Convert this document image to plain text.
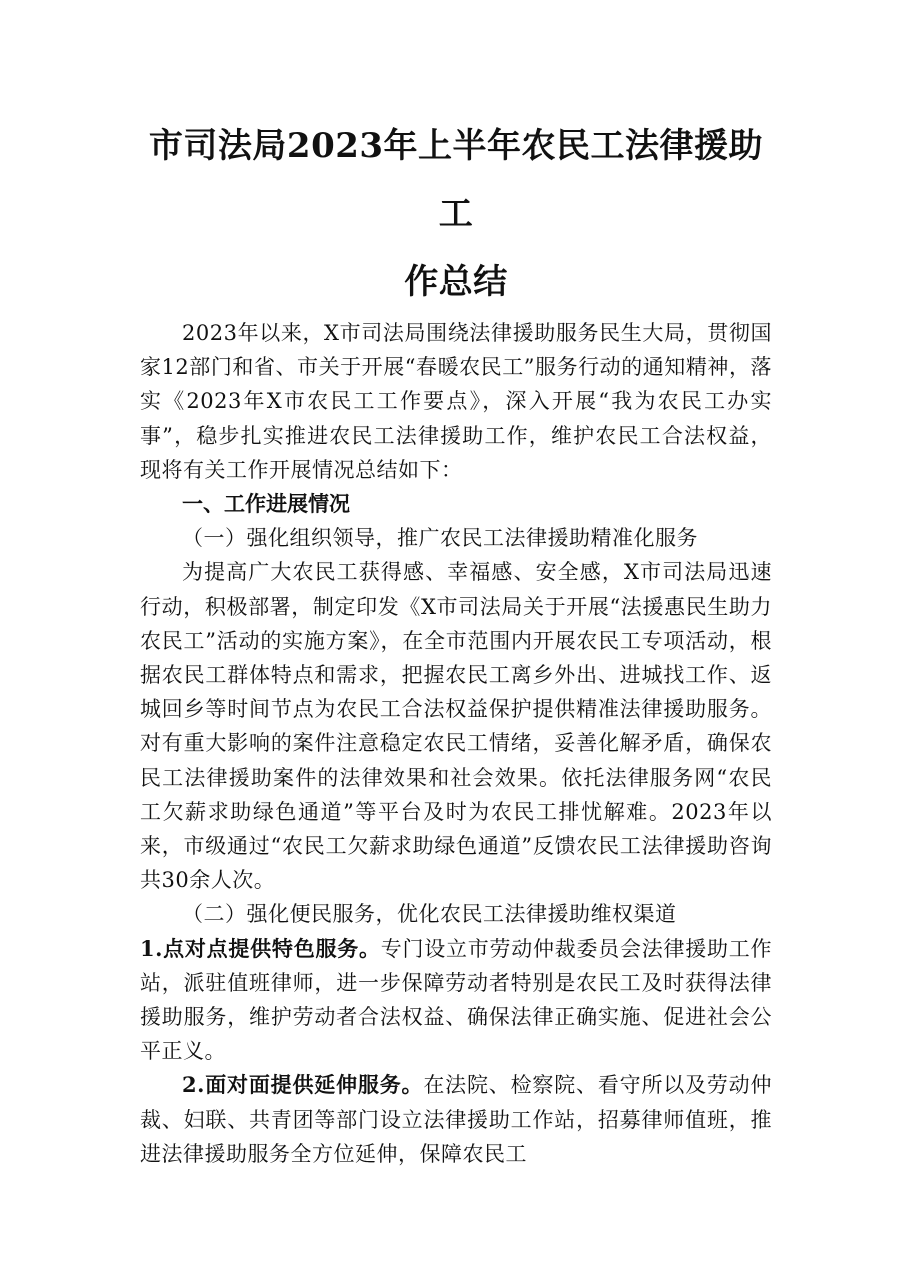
市司法局2023年上半年农民工法律援助工
作总结

2023年以来，X市司法局围绕法律援助服务民生大局，贯彻国家12部门和省、市关于开展“春暖农民工”服务行动的通知精神，落实《2023年X市农民工工作要点》，深入开展“我为农民工办实事”，稳步扎实推进农民工法律援助工作，维护农民工合法权益，现将有关工作开展情况总结如下：

一、工作进展情况

（一）强化组织领导，推广农民工法律援助精准化服务

为提高广大农民工获得感、幸福感、安全感，X市司法局迅速行动，积极部署，制定印发《X市司法局关于开展“法援惠民生助力农民工”活动的实施方案》，在全市范围内开展农民工专项活动，根据农民工群体特点和需求，把握农民工离乡外出、进城找工作、返城回乡等时间节点为农民工合法权益保护提供精准法律援助服务。对有重大影响的案件注意稳定农民工情绪，妥善化解矛盾，确保农民工法律援助案件的法律效果和社会效果。依托法律服务网“农民工欠薪求助绿色通道”等平台及时为农民工排忧解难。2023年以来，市级通过“农民工欠薪求助绿色通道”反馈农民工法律援助咨询共30余人次。

（二）强化便民服务，优化农民工法律援助维权渠道

1.点对点提供特色服务。专门设立市劳动仲裁委员会法律援助工作站，派驻值班律师，进一步保障劳动者特别是农民工及时获得法律援助服务，维护劳动者合法权益、确保法律正确实施、促进社会公平正义。

2.面对面提供延伸服务。在法院、检察院、看守所以及劳动仲裁、妇联、共青团等部门设立法律援助工作站，招募律师值班，推进法律援助服务全方位延伸，保障农民工
